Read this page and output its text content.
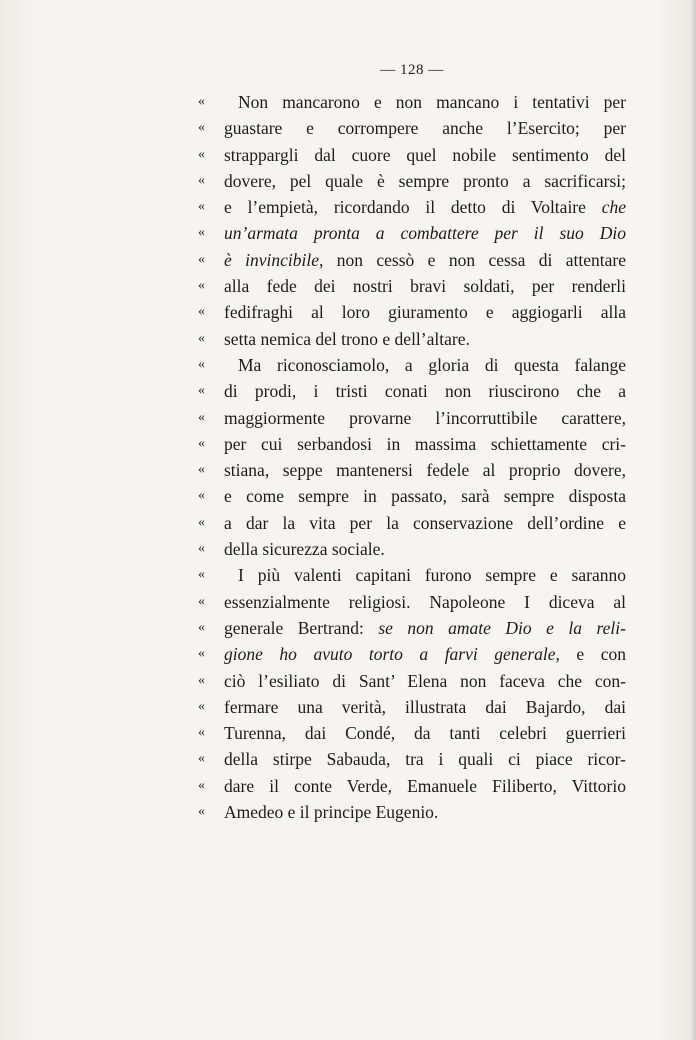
— 128 —
«	Non mancarono e non mancano i tentativi per
«	guastare e corrompere anche l’Esercito; per
«	strappargli dal cuore quel nobile sentimento del
«	dovere, pel quale è sempre pronto a sacrificarsi;
«	e l’empietà, ricordando il detto di Voltaire che
«	un’armata pronta a combattere per il suo Dio
«	è invincibile, non cessò e non cessa di attentare
«	alla fede dei nostri bravi soldati, per renderli
«	fedifraghi al loro giuramento e aggiogarli alla
«	setta nemica del trono e dell’altare.
«	Ma riconosciamolo, a gloria di questa falange
«	di prodi, i tristi conati non riuscirono che a
«	maggiormente provarne l’incorruttibile carattere,
«	per cui serbandosi in massima schiettamente cri-
«	stiana, seppe mantenersi fedele al proprio dovere,
«	e come sempre in passato, sarà sempre disposta
«	a dar la vita per la conservazione dell’ordine e
«	della sicurezza sociale.
«	I più valenti capitani furono sempre e saranno
«	essenzialmente religiosi. Napoleone I diceva al
«	generale Bertrand: se non amate Dio e la reli-
«	gione ho avuto torto a farvi generale, e con
«	ciò l’esiliato di Sant’ Elena non faceva che con-
«	fermare una verità, illustrata dai Bajardo, dai
«	Turenna, dai Condé, da tanti celebri guerrieri
«	della stirpe Sabauda, tra i quali ci piace ricor-
«	dare il conte Verde, Emanuele Filiberto, Vittorio
«	Amedeo e il principe Eugenio.
